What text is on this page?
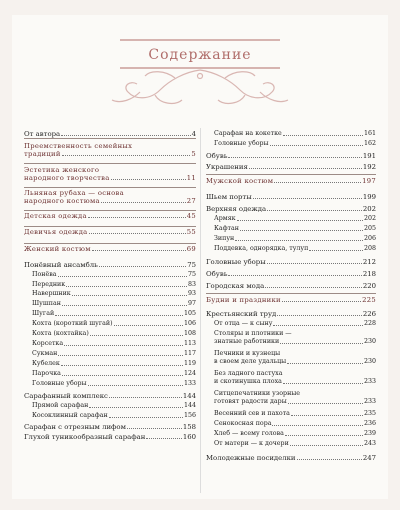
Содержание
От автора	4
Преемственность семейных
традиций	5
Эстетика женского
народного творчества	11
Льняная рубаха — основа
народного костюма	27
Детская одежда	45
Девичья одежда	55
Женский костюм	69
Понёвный ансамбль	75
Понёва	75
Передник	83
Навершник	93
Шушпан	97
Шугай	105
Кохта (короткий шугай)	106
Кохта (кохтайка)	108
Корсетка	113
Сукман	117
Кубелек	119
Парочка	124
Головные уборы	133
Сарафанный комплекс	144
Прямой сарафан	144
Косоклинный сарафан	156
Сарафан с отрезным лифом	158
Глухой туникообразный сарафан	160
Сарафан на кокетке	161
Головные уборы	162
Обувь	191
Украшения	192
Мужской костюм	197
Шьем порты	199
Верхняя одежда	202
Армяк	202
Кафтан	205
Зипун	206
Поддевка, однорядка, тулуп	208
Головные уборы	212
Обувь	218
Городская мода	220
Будни и праздники	225
Крестьянский труд	226
От отца — к сыну	228
Столяры и плотники —
знатные работники	230
Печники и кузнецы
в своем деле удальцы	230
Без ладного пастуха
и скотинушка плоха	233
Ситцепечатники узорные
готовят радости дары	233
Весенний сев и пахота	235
Сенокосная пора	236
Хлеб — всему голова	239
От матери — к дочери	243
Молодежные посиделки	247
